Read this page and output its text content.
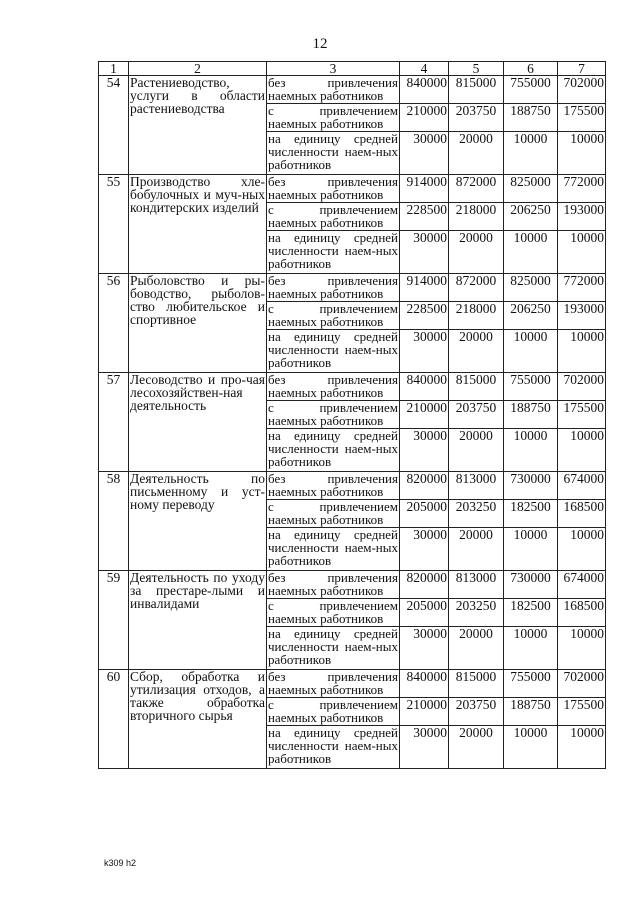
12
1	2	3	4	5	6	7
54	Растениеводство, услуги в области растениеводства	без привлечения наемных работников	840000	815000	755000	702000
		с привлечением наемных работников	210000	203750	188750	175500
		на единицу средней численности наем-ных работников	30000	20000	10000	10000
55	Производство хле-бобулочных и муч-ных кондитерских изделий	без привлечения наемных работников	914000	872000	825000	772000
		с привлечением наемных работников	228500	218000	206250	193000
		на единицу средней численности наем-ных работников	30000	20000	10000	10000
56	Рыболовство и ры-боводство, рыболов-ство любительское и спортивное	без привлечения наемных работников	914000	872000	825000	772000
		с привлечением наемных работников	228500	218000	206250	193000
		на единицу средней численности наем-ных работников	30000	20000	10000	10000
57	Лесоводство и про-чая лесохозяйствен-ная деятельность	без привлечения наемных работников	840000	815000	755000	702000
		с привлечением наемных работников	210000	203750	188750	175500
		на единицу средней численности наем-ных работников	30000	20000	10000	10000
58	Деятельность по письменному и уст-ному переводу	без привлечения наемных работников	820000	813000	730000	674000
		с привлечением наемных работников	205000	203250	182500	168500
		на единицу средней численности наем-ных работников	30000	20000	10000	10000
59	Деятельность по уходу за престаре-лыми и инвалидами	без привлечения наемных работников	820000	813000	730000	674000
		с привлечением наемных работников	205000	203250	182500	168500
		на единицу средней численности наем-ных работников	30000	20000	10000	10000
60	Сбор, обработка и утилизация отходов, а также обработка вторичного сырья	без привлечения наемных работников	840000	815000	755000	702000
		с привлечением наемных работников	210000	203750	188750	175500
		на единицу средней численности наем-ных работников	30000	20000	10000	10000
k309 h2
